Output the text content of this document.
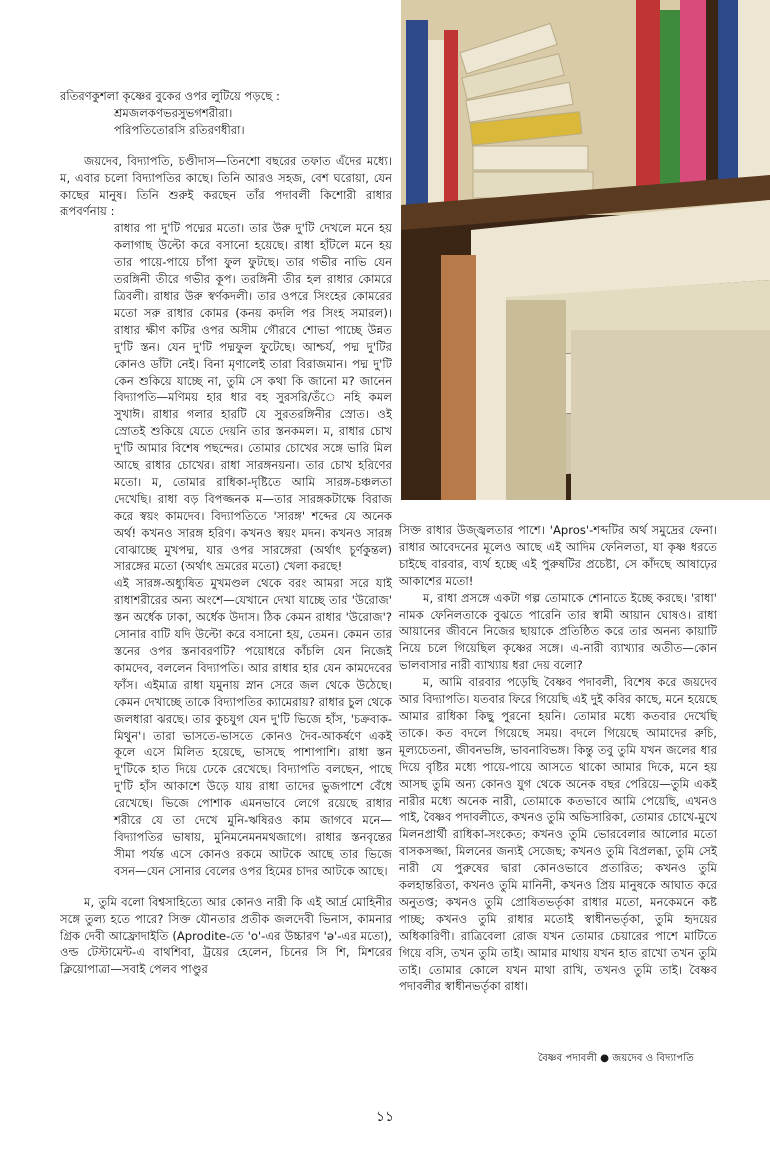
রতিরণকুশলা কৃষ্ণের বুকের ওপর লুটিয়ে পড়ছে :

শ্রমজলকণভরসুভগশরীরা।

পরিপতিতোরসি রতিরণধীরা।

জয়দেব, বিদ্যাপতি, চণ্ডীদাস—তিনশো বছরের তফাত এঁদের মধ্যে। ম, এবার চলো বিদ্যাপতির কাছে। তিনি আরও সহজ, বেশ ঘরোয়া, যেন কাছের মানুষ। তিনি শুরুই করছেন তাঁর পদাবলী কিশোরী রাধার রূপবর্ণনায় :

রাধার পা দু'টি পদ্মের মতো। তার উরু দু'টি দেখলে মনে হয় কলাগাছ উল্টো করে বসানো হয়েছে। রাধা হাঁটলে মনে হয় তার পায়ে-পায়ে চাঁপা ফুল ফুটছে। তার গভীর নাভি যেন তরঙ্গিনী তীরে গভীর কূপ। তরঙ্গিনী তীর হল রাধার কোমরে ত্রিবলী। রাধার উরু স্বর্ণকদলী। তার ওপরে সিংহের কোমরের মতো সরু রাধার কোমর (কনয় কদলি পর সিংহ সমারল)। রাধার ক্ষীণ কটির ওপর অসীম গৌরবে শোভা পাচ্ছে উন্নত দু'টি স্তন। যেন দু'টি পদ্মফুল ফুটেছে। আশ্চর্য, পদ্ম দু'টির কোনও ডাঁটা নেই। বিনা মৃণালেই তারা বিরাজমান। পদ্ম দু'টি কেন শুকিয়ে যাচ্ছে না, তুমি সে কথা কি জানো ম? জানেন বিদ্যাপতি—মণিময় হার ধার বহ সুরসরি/তঁে নহি কমল সুখাঈ। রাধার গলার হারটি যে সুরতরঙ্গিনীর স্রোত। ওই স্রোতই শুকিয়ে যেতে দেয়নি তার স্তনকমল। ম, রাধার চোখ দু'টি আমার বিশেষ পছন্দের। তোমার চোখের সঙ্গে ভারি মিল আছে রাধার চোখের। রাধা সারঙ্গনয়না। তার চোখ হরিণের মতো। ম, তোমার রাধিকা-দৃষ্টিতে আমি সারঙ্গ-চঞ্চলতা দেখেছি। রাধা বড় বিপজ্জনক ম—তার সারঙ্গকটাক্ষে বিরাজ করে স্বয়ং কামদেব। বিদ্যাপতিতে 'সারঙ্গ' শব্দের যে অনেক অর্থ! কখনও সারঙ্গ হরিণ। কখনও স্বয়ং মদন। কখনও সারঙ্গ বোঝাচ্ছে মুখপদ্ম, যার ওপর সারঙ্গেরা (অর্থাৎ চূর্ণকুন্তল) সারঙ্গের মতো (অর্থাৎ ভ্রমরের মতো) খেলা করছে!

এই সারঙ্গ-অধ্যুষিত মুখমণ্ডল থেকে বরং আমরা সরে যাই রাধাশরীরের অন্য অংশে—যেখানে দেখা যাচ্ছে তার 'উরোজ' স্তন অর্ধেক ঢাকা, অর্ধেক উদাস। ঠিক কেমন রাধার 'উরোজ'? সোনার বাটি যদি উল্টো করে বসানো হয়, তেমন। কেমন তার স্তনের ওপর স্তনাবরণটি? পয়োধরে কাঁচলি যেন নিজেই কামদেব, বললেন বিদ্যাপতি। আর রাধার হার যেন কামদেবের ফাঁস। এইমাত্র রাধা যমুনায় স্নান সেরে জল থেকে উঠেছে। কেমন দেখাচ্ছে তাকে বিদ্যাপতির ক্যামেরায়? রাধার চুল থেকে জলধারা ঝরছে। তার কুচযুগ যেন দু'টি ভিজে হাঁস, 'চক্রবাক-মিথুন'। তারা ভাসতে-ভাসতে কোনও দৈব-আকর্ষণে একই কূলে এসে মিলিত হয়েছে, ভাসছে পাশাপাশি। রাধা স্তন দু'টিকে হাত দিয়ে ঢেকে রেখেছে। বিদ্যাপতি বলছেন, পাছে দু'টি হাঁস আকাশে উড়ে যায় রাধা তাদের ভুজপাশে বেঁধে রেখেছে। ভিজে পোশাক এমনভাবে লেগে রয়েছে রাধার শরীরে যে তা দেখে মুনি-ঋষিরও কাম জাগবে মনে—বিদ্যাপতির ভাষায়, মুনিমনেমনমথজাগে। রাধার স্তনবৃন্তের সীমা পর্যন্ত এসে কোনও রকমে আটকে আছে তার ভিজে বসন—যেন সোনার বেলের ওপর হিমের চাদর আটকে আছে।

ম, তুমি বলো বিশ্বসাহিত্যে আর কোনও নারী কি এই আর্দ্র মোহিনীর সঙ্গে তুল্য হতে পারে? সিক্ত যৌনতার প্রতীক জলদেবী ভিনাস, কামনার গ্রিক দেবী আফ্রোদাইতি (Aprodite-তে 'o'-এর উচ্চারণ 'ǝ'-এর মতো), ওল্ড টেস্টামেন্ট-এ বাথশিবা, ট্রয়ের হেলেন, চিনের সি শি, মিশরের ক্লিয়োপাত্রা—সবাই পেলব পাণ্ডুর

সিক্ত রাধার উজ্জ্বলতার পাশে। 'Apros'-শব্দটির অর্থ সমুদ্রের ফেনা। রাধার আবেদনের মূলেও আছে এই আদিম ফেনিলতা, যা কৃষ্ণ ধরতে চাইছে বারবার, ব্যর্থ হচ্ছে এই পুরুষটির প্রচেষ্টা, সে কাঁদছে আষাঢ়ের আকাশের মতো!

ম, রাধা প্রসঙ্গে একটা গল্প তোমাকে শোনাতে ইচ্ছে করছে। 'রাধা' নামক ফেনিলতাকে বুঝতে পারেনি তার স্বামী আয়ান ঘোষও। রাধা আয়ানের জীবনে নিজের ছায়াকে প্রতিষ্ঠিত করে তার অনন্য কায়াটি নিয়ে চলে গিয়েছিল কৃষ্ণের সঙ্গে। এ-নারী ব্যাখ্যার অতীত—কোন ভালবাসার নারী ব্যাখ্যায় ধরা দেয় বলো?

ম, আমি বারবার পড়েছি বৈষ্ণব পদাবলী, বিশেষ করে জয়দেব আর বিদ্যাপতি। যতবার ফিরে গিয়েছি এই দুই কবির কাছে, মনে হয়েছে আমার রাধিকা কিছু পুরনো হয়নি। তোমার মধ্যে কতবার দেখেছি তাকে। কত বদলে গিয়েছে সময়। বদলে গিয়েছে আমাদের রুচি, মূল্যচেতনা, জীবনভঙ্গি, ভাবনাবিভঙ্গ। কিন্তু তবু তুমি যখন জলের ধার দিয়ে বৃষ্টির মধ্যে পায়ে-পায়ে আসতে থাকো আমার দিকে, মনে হয় আসছ তুমি অন্য কোনও যুগ থেকে অনেক বছর পেরিয়ে—তুমি একই নারীর মধ্যে অনেক নারী, তোমাকে কতভাবে আমি পেয়েছি, এখনও পাই, বৈষ্ণব পদাবলীতে, কখনও তুমি অভিসারিকা, তোমার চোখে-মুখে মিলনপ্রার্থী রাধিকা-সংকেত; কখনও তুমি ভোরবেলার আলোর মতো বাসকসজ্জা, মিলনের জন্যই সেজেছ; কখনও তুমি বিপ্রলব্ধা, তুমি সেই নারী যে পুরুষের দ্বারা কোনওভাবে প্রতারিত; কখনও তুমি কলহান্তরিতা, কখনও তুমি মানিনী, কখনও প্রিয় মানুষকে আঘাত করে অনুতপ্ত; কখনও তুমি প্রোষিতভর্তৃকা রাধার মতো, মনকেমনে কষ্ট পাচ্ছ; কখনও তুমি রাধার মতোই স্বাধীনভর্তৃকা, তুমি হৃদয়ের অধিকারিণী। রাত্রিবেলা রোজ যখন তোমার চেয়ারের পাশে মাটিতে গিয়ে বসি, তখন তুমি তাই। আমার মাথায় যখন হাত রাখো তখন তুমি তাই। তোমার কোলে যখন মাথা রাখি, তখনও তুমি তাই। বৈষ্ণব পদাবলীর স্বাধীনভর্তৃকা রাধা।

বৈষ্ণব পদাবলী ● জয়দেব ও বিদ্যাপতি
১১
